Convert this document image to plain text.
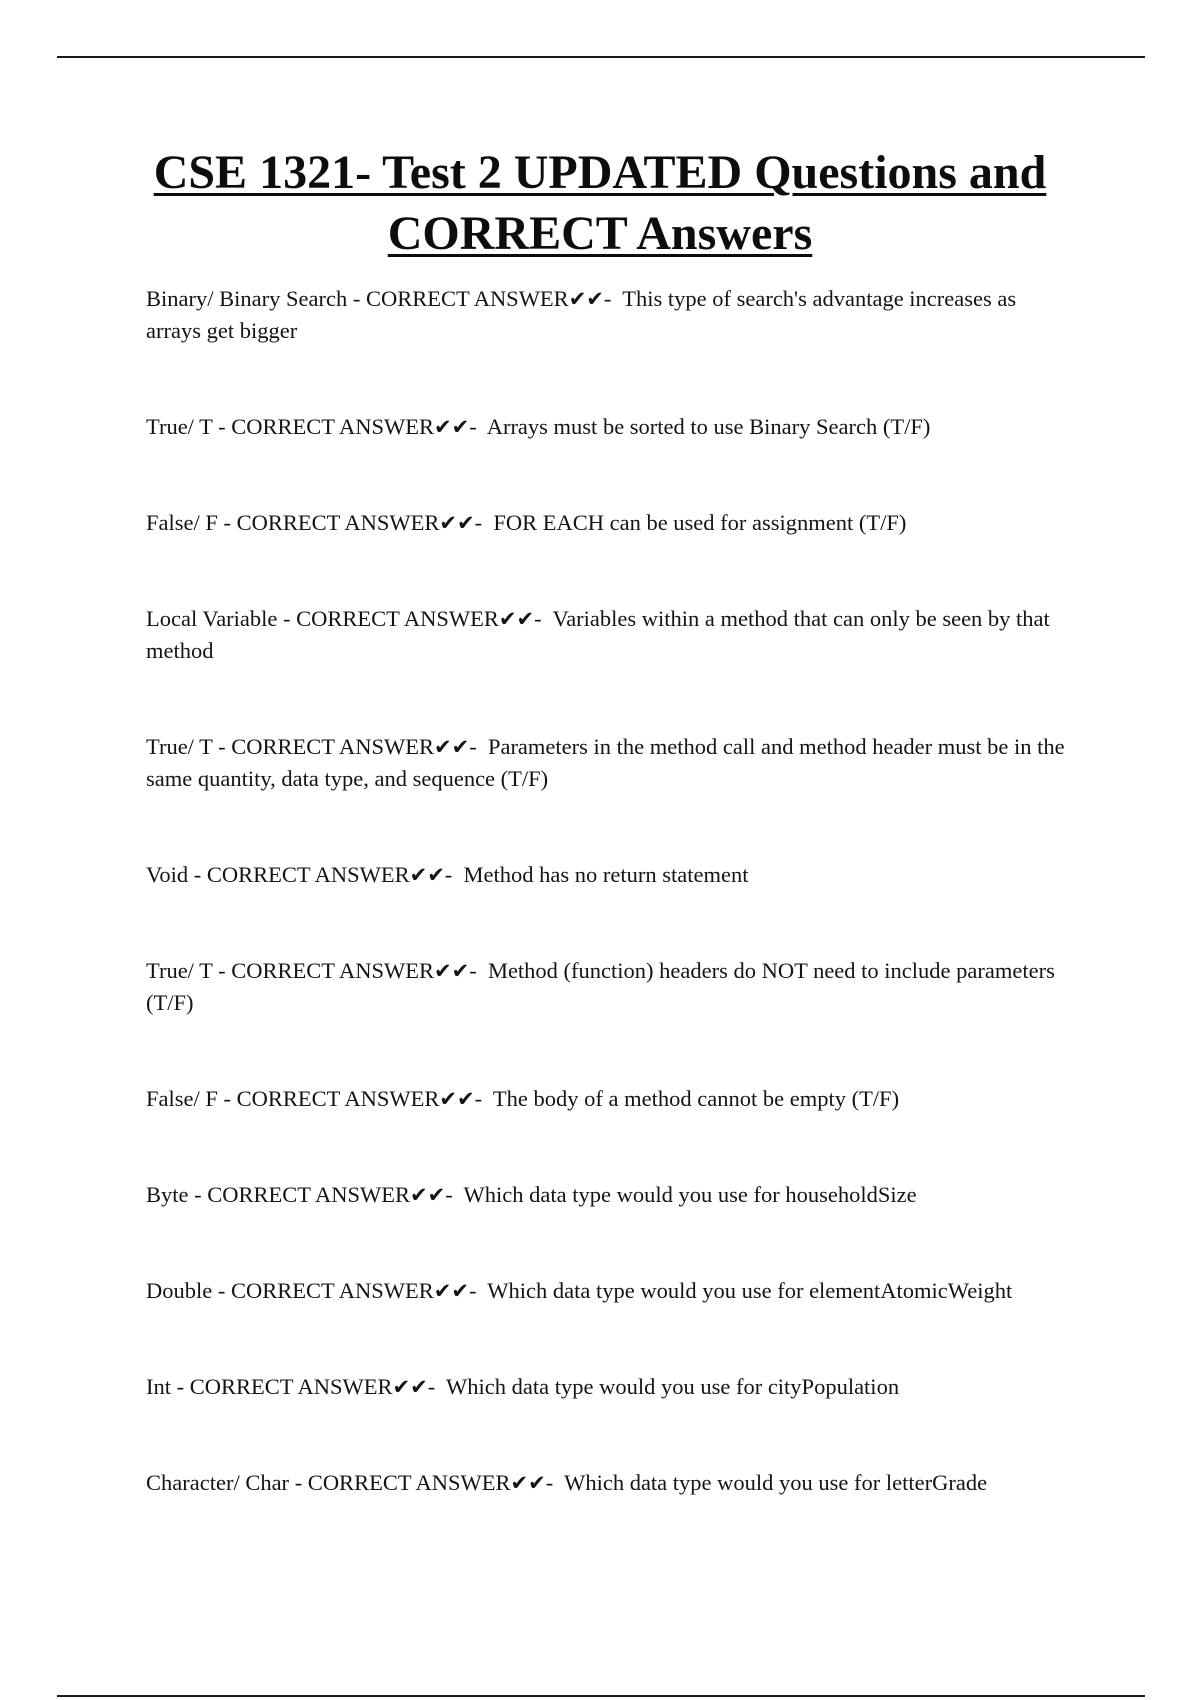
CSE 1321- Test 2 UPDATED Questions and CORRECT Answers

Binary/ Binary Search - CORRECT ANSWER✔✔- This type of search's advantage increases as arrays get bigger

True/ T - CORRECT ANSWER✔✔- Arrays must be sorted to use Binary Search (T/F)

False/ F - CORRECT ANSWER✔✔- FOR EACH can be used for assignment (T/F)

Local Variable - CORRECT ANSWER✔✔- Variables within a method that can only be seen by that method

True/ T - CORRECT ANSWER✔✔- Parameters in the method call and method header must be in the same quantity, data type, and sequence (T/F)

Void - CORRECT ANSWER✔✔- Method has no return statement

True/ T - CORRECT ANSWER✔✔- Method (function) headers do NOT need to include parameters (T/F)

False/ F - CORRECT ANSWER✔✔- The body of a method cannot be empty (T/F)

Byte - CORRECT ANSWER✔✔- Which data type would you use for householdSize

Double - CORRECT ANSWER✔✔- Which data type would you use for elementAtomicWeight

Int - CORRECT ANSWER✔✔- Which data type would you use for cityPopulation

Character/ Char - CORRECT ANSWER✔✔- Which data type would you use for letterGrade
